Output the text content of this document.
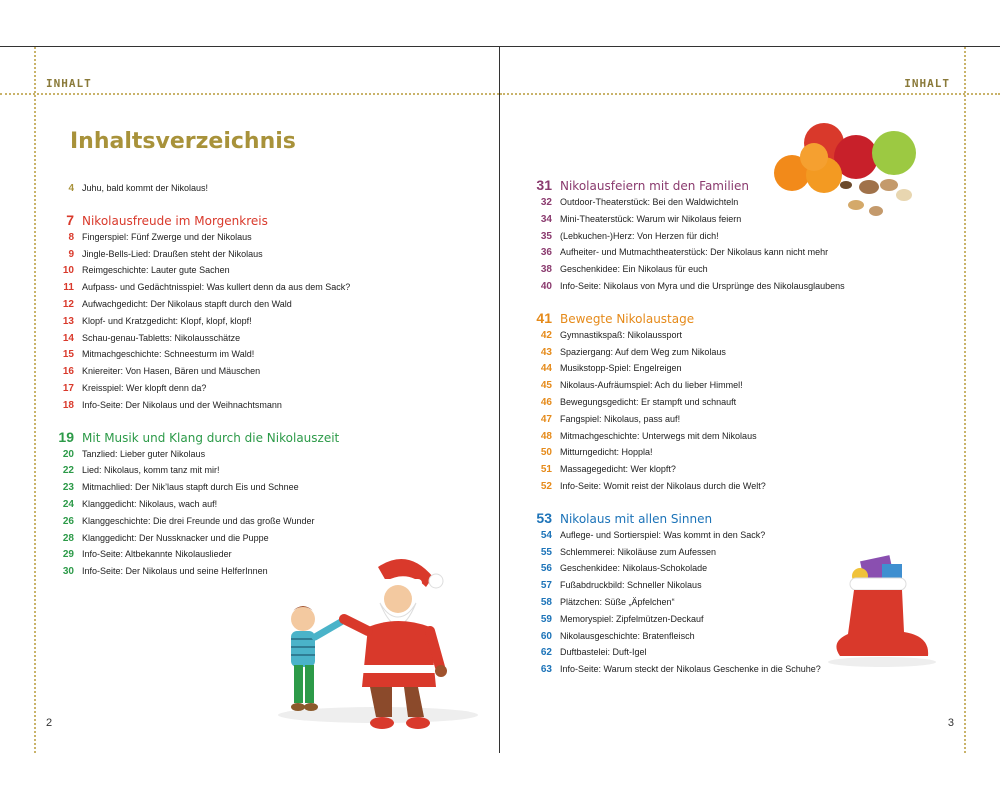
INHALT
Inhaltsverzeichnis
4 Juhu, bald kommt der Nikolaus!
7 Nikolausfreude im Morgenkreis
8 Fingerspiel: Fünf Zwerge und der Nikolaus
9 Jingle-Bells-Lied: Draußen steht der Nikolaus
10 Reimgeschichte: Lauter gute Sachen
11 Aufpass- und Gedächtnisspiel: Was kullert denn da aus dem Sack?
12 Aufwachgedicht: Der Nikolaus stapft durch den Wald
13 Klopf- und Kratzgedicht: Klopf, klopf, klopf!
14 Schau-genau-Tabletts: Nikolausschätze
15 Mitmachgeschichte: Schneesturm im Wald!
16 Kniereiter: Von Hasen, Bären und Mäuschen
17 Kreisspiel: Wer klopft denn da?
18 Info-Seite: Der Nikolaus und der Weihnachtsmann
19 Mit Musik und Klang durch die Nikolauszeit
20 Tanzlied: Lieber guter Nikolaus
22 Lied: Nikolaus, komm tanz mit mir!
23 Mitmachlied: Der Nik’laus stapft durch Eis und Schnee
24 Klanggedicht: Nikolaus, wach auf!
26 Klanggeschichte: Die drei Freunde und das große Wunder
28 Klanggedicht: Der Nussknacker und die Puppe
29 Info-Seite: Altbekannte Nikolauslieder
30 Info-Seite: Der Nikolaus und seine HelferInnen
2
INHALT
31 Nikolausfeiern mit den Familien
32 Outdoor-Theaterstück: Bei den Waldwichteln
34 Mini-Theaterstück: Warum wir Nikolaus feiern
35 (Lebkuchen-)Herz: Von Herzen für dich!
36 Aufheiter- und Mutmachtheaterstück: Der Nikolaus kann nicht mehr
38 Geschenkidee: Ein Nikolaus für euch
40 Info-Seite: Nikolaus von Myra und die Ursprünge des Nikolausglaubens
41 Bewegte Nikolaustage
42 Gymnastikspaß: Nikolaussport
43 Spaziergang: Auf dem Weg zum Nikolaus
44 Musikstopp-Spiel: Engelreigen
45 Nikolaus-Aufräumspiel: Ach du lieber Himmel!
46 Bewegungsgedicht: Er stampft und schnauft
47 Fangspiel: Nikolaus, pass auf!
48 Mitmachgeschichte: Unterwegs mit dem Nikolaus
50 Mitturngedicht: Hoppla!
51 Massagegedicht: Wer klopft?
52 Info-Seite: Womit reist der Nikolaus durch die Welt?
53 Nikolaus mit allen Sinnen
54 Auflege- und Sortierspiel: Was kommt in den Sack?
55 Schlemmerei: Nikoläuse zum Aufessen
56 Geschenkidee: Nikolaus-Schokolade
57 Fußabdruckbild: Schneller Nikolaus
58 Plätzchen: Süße „Äpfelchen“
59 Memoryspiel: Zipfelmützen-Deckauf
60 Nikolausgeschichte: Bratenfleisch
62 Duftbastelei: Duft-Igel
63 Info-Seite: Warum steckt der Nikolaus Geschenke in die Schuhe?
3
